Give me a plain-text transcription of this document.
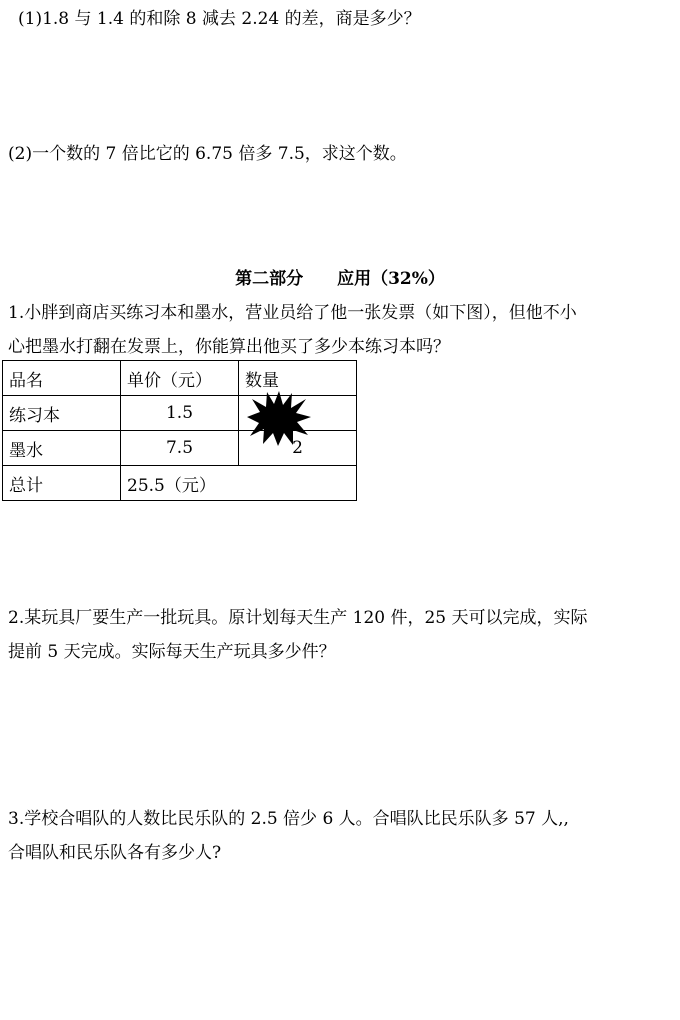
(1)1.8 与 1.4 的和除 8 减去 2.24 的差，商是多少？
(2)一个数的 7 倍比它的 6.75 倍多 7.5，求这个数。
第二部分　　应用（32%）
1.小胖到商店买练习本和墨水，营业员给了他一张发票（如下图），但他不小
心把墨水打翻在发票上，你能算出他买了多少本练习本吗？
品名	单价（元）	数量
练习本	1.5	
墨水	7.5	2
总计	25.5（元）	
2.某玩具厂要生产一批玩具。原计划每天生产 120 件，25 天可以完成，实际
提前 5 天完成。实际每天生产玩具多少件？
3.学校合唱队的人数比民乐队的 2.5 倍少 6 人。合唱队比民乐队多 57 人,,
合唱队和民乐队各有多少人?
